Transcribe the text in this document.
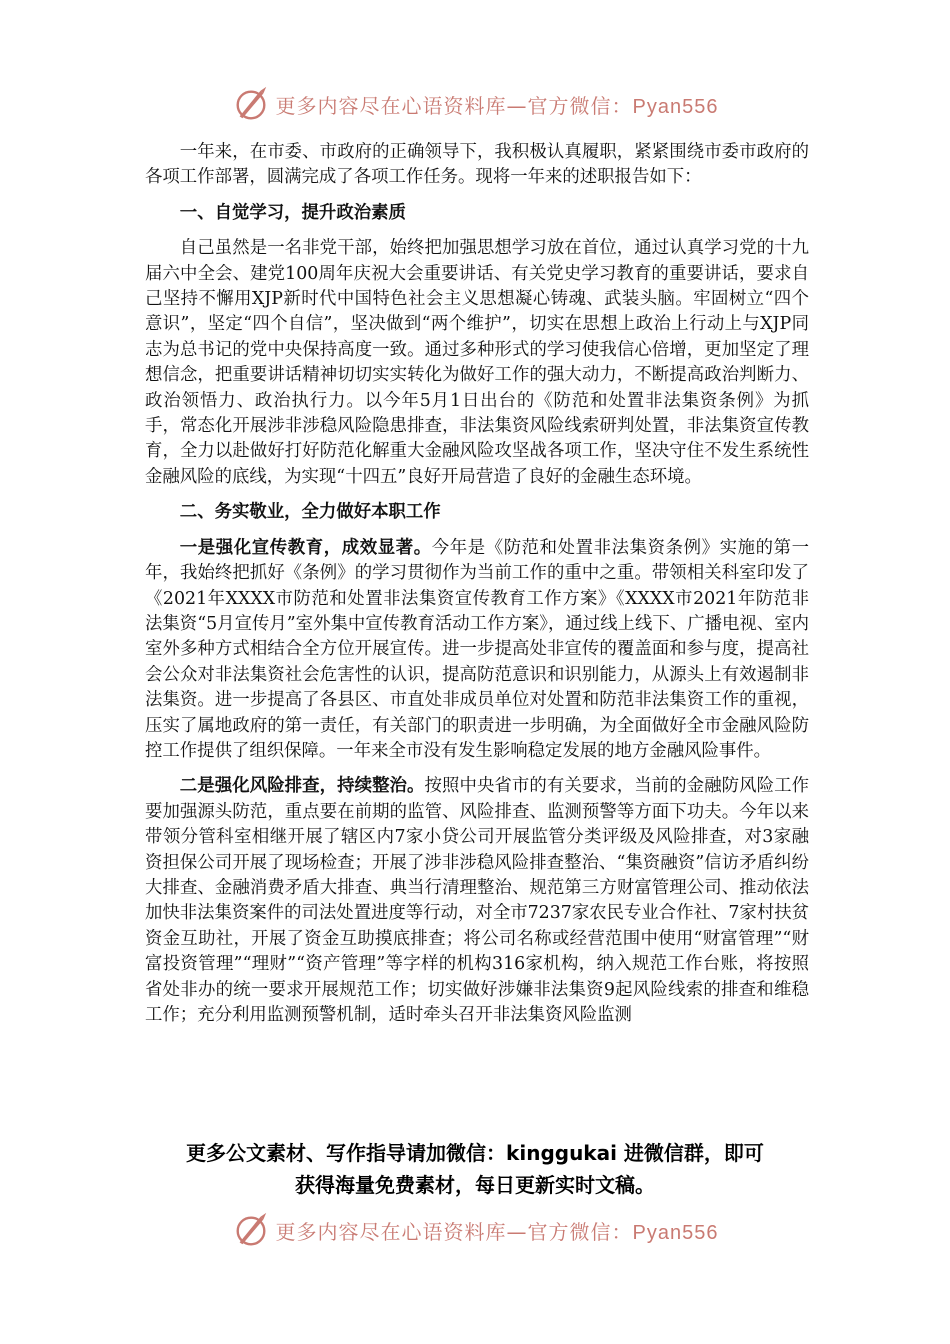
更多内容尽在心语资料库—官方微信：Pyan556

一年来，在市委、市政府的正确领导下，我积极认真履职，紧紧围绕市委市政府的各项工作部署，圆满完成了各项工作任务。现将一年来的述职报告如下：

一、自觉学习，提升政治素质

自己虽然是一名非党干部，始终把加强思想学习放在首位，通过认真学习党的十九届六中全会、建党100周年庆祝大会重要讲话、有关党史学习教育的重要讲话，要求自己坚持不懈用XJP新时代中国特色社会主义思想凝心铸魂、武装头脑。牢固树立“四个意识”，坚定“四个自信”，坚决做到“两个维护”，切实在思想上政治上行动上与XJP同志为总书记的党中央保持高度一致。通过多种形式的学习使我信心倍增，更加坚定了理想信念，把重要讲话精神切切实实转化为做好工作的强大动力，不断提高政治判断力、政治领悟力、政治执行力。以今年5月1日出台的《防范和处置非法集资条例》为抓手，常态化开展涉非涉稳风险隐患排查，非法集资风险线索研判处置，非法集资宣传教育，全力以赴做好打好防范化解重大金融风险攻坚战各项工作，坚决守住不发生系统性金融风险的底线，为实现“十四五”良好开局营造了良好的金融生态环境。

二、务实敬业，全力做好本职工作

一是强化宣传教育，成效显著。今年是《防范和处置非法集资条例》实施的第一年，我始终把抓好《条例》的学习贯彻作为当前工作的重中之重。带领相关科室印发了《2021年XXXX市防范和处置非法集资宣传教育工作方案》《XXXX市2021年防范非法集资“5月宣传月”室外集中宣传教育活动工作方案》，通过线上线下、广播电视、室内室外多种方式相结合全方位开展宣传。进一步提高处非宣传的覆盖面和参与度，提高社会公众对非法集资社会危害性的认识，提高防范意识和识别能力，从源头上有效遏制非法集资。进一步提高了各县区、市直处非成员单位对处置和防范非法集资工作的重视，压实了属地政府的第一责任，有关部门的职责进一步明确，为全面做好全市金融风险防控工作提供了组织保障。一年来全市没有发生影响稳定发展的地方金融风险事件。

二是强化风险排查，持续整治。按照中央省市的有关要求，当前的金融防风险工作要加强源头防范，重点要在前期的监管、风险排查、监测预警等方面下功夫。今年以来带领分管科室相继开展了辖区内7家小贷公司开展监管分类评级及风险排查，对3家融资担保公司开展了现场检查；开展了涉非涉稳风险排查整治、“集资融资”信访矛盾纠纷大排查、金融消费矛盾大排查、典当行清理整治、规范第三方财富管理公司、推动依法加快非法集资案件的司法处置进度等行动，对全市7237家农民专业合作社、7家村扶贫资金互助社，开展了资金互助摸底排查；将公司名称或经营范围中使用“财富管理”“财富投资管理”“理财”“资产管理”等字样的机构316家机构，纳入规范工作台账，将按照省处非办的统一要求开展规范工作；切实做好涉嫌非法集资9起风险线索的排查和维稳工作；充分利用监测预警机制，适时牵头召开非法集资风险监测

更多公文素材、写作指导请加微信：kinggukai 进微信群，即可
获得海量免费素材，每日更新实时文稿。
更多内容尽在心语资料库—官方微信：Pyan556
